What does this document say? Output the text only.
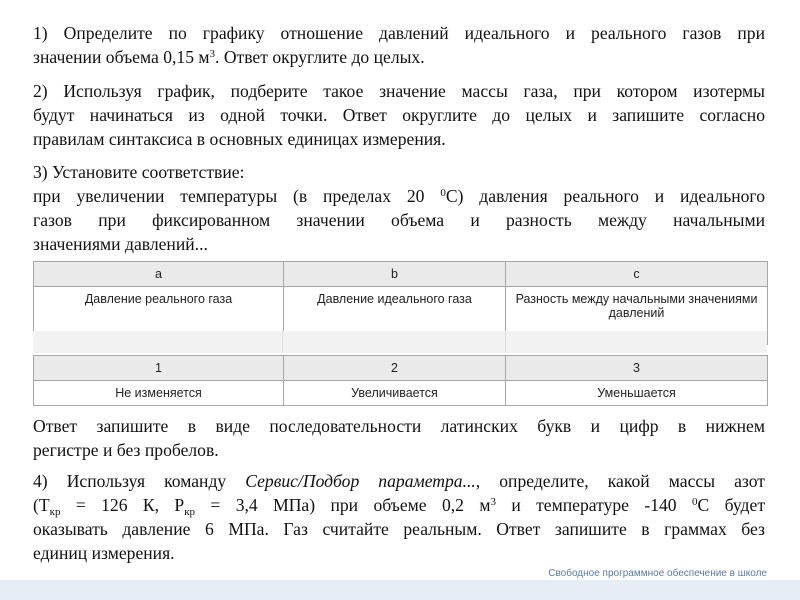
1) Определите по графику отношение давлений идеального и реального газов при
значении объема 0,15 $м^3$. Ответ округлите до целых.
2) Используя график, подберите такое значение массы газа, при котором изотермы
будут начинаться из одной точки. Ответ округлите до целых и запишите согласно
правилам синтаксиса в основных единицах измерения.
3) Установите соответствие:
при увеличении температуры (в пределах 20 $^0$С) давления реального и идеального
газов при фиксированном значении объема и разность между начальными
значениями давлений...
a	b	c
Давление реального газа	Давление идеального газа	Разность между начальными значениями давлений
1	2	3
Не изменяется	Увеличивается	Уменьшается
Ответ запишите в виде последовательности латинских букв и цифр в нижнем
регистре и без пробелов.
4) Используя команду Сервис/Подбор параметра..., определите, какой массы азот
($Т_{кр} = 126$ К, $Р_{кр} = 3,4$ МПа) при объеме 0,2 $м^3$ и температуре -140 $^0$С будет
оказывать давление 6 МПа. Газ считайте реальным. Ответ запишите в граммах без
единиц измерения.
Свободное программное обеспечение в школе
